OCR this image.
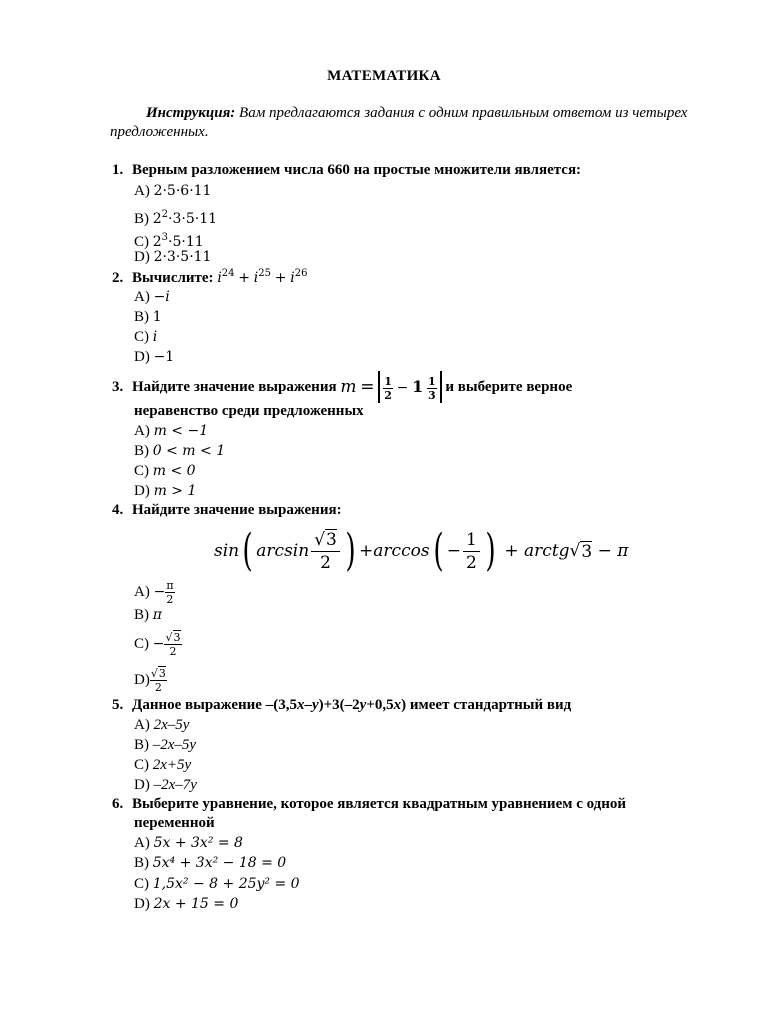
МАТЕМАТИКА
Инструкция: Вам предлагаются задания с одним правильным ответом из четырех предложенных.
1. Верным разложением числа 660 на простые множители является:
A) 2·5·6·11
B) $2^2\cdot 3\cdot 5\cdot 11$
C) $2^3\cdot 5\cdot 11$
D) 2·3·5·11
2. Вычислите: $i^{24} + i^{25} + i^{26}$
A) −i
B) 1
C) i
D) −1
3. Найдите значение выражения
m
=
$\frac{1}{2} - 1 \frac{1}{3}$
и выберите верное
неравенство среди предложенных
A) m < −1
B) 0 < m < 1
C) m < 0
D) m > 1
4. Найдите значение выражения:
sin ( $\arcsin \frac{√3}{2}$ ) +arccos ( − $\frac{1}{2}$ )
+ arctg √ 3
− π
$A) - \frac{\pi}{2}$
B) π
$C) - \frac{√3}{2}$
$D) \frac{√3}{2}$
5. Данное выражение –(3,5x–y)+3(–2y+0,5x) имеет стандартный вид
A) 2x–5y
B) –2x–5y
C) 2x+5y
D) –2x–7y
6. Выберите уравнение, которое является квадратным уравнением с одной
переменной
A) 5x + 3x² = 8
B) 5x⁴ + 3x² − 18 = 0
C) 1,5x² − 8 + 25y² = 0
D) 2x + 15 = 0
